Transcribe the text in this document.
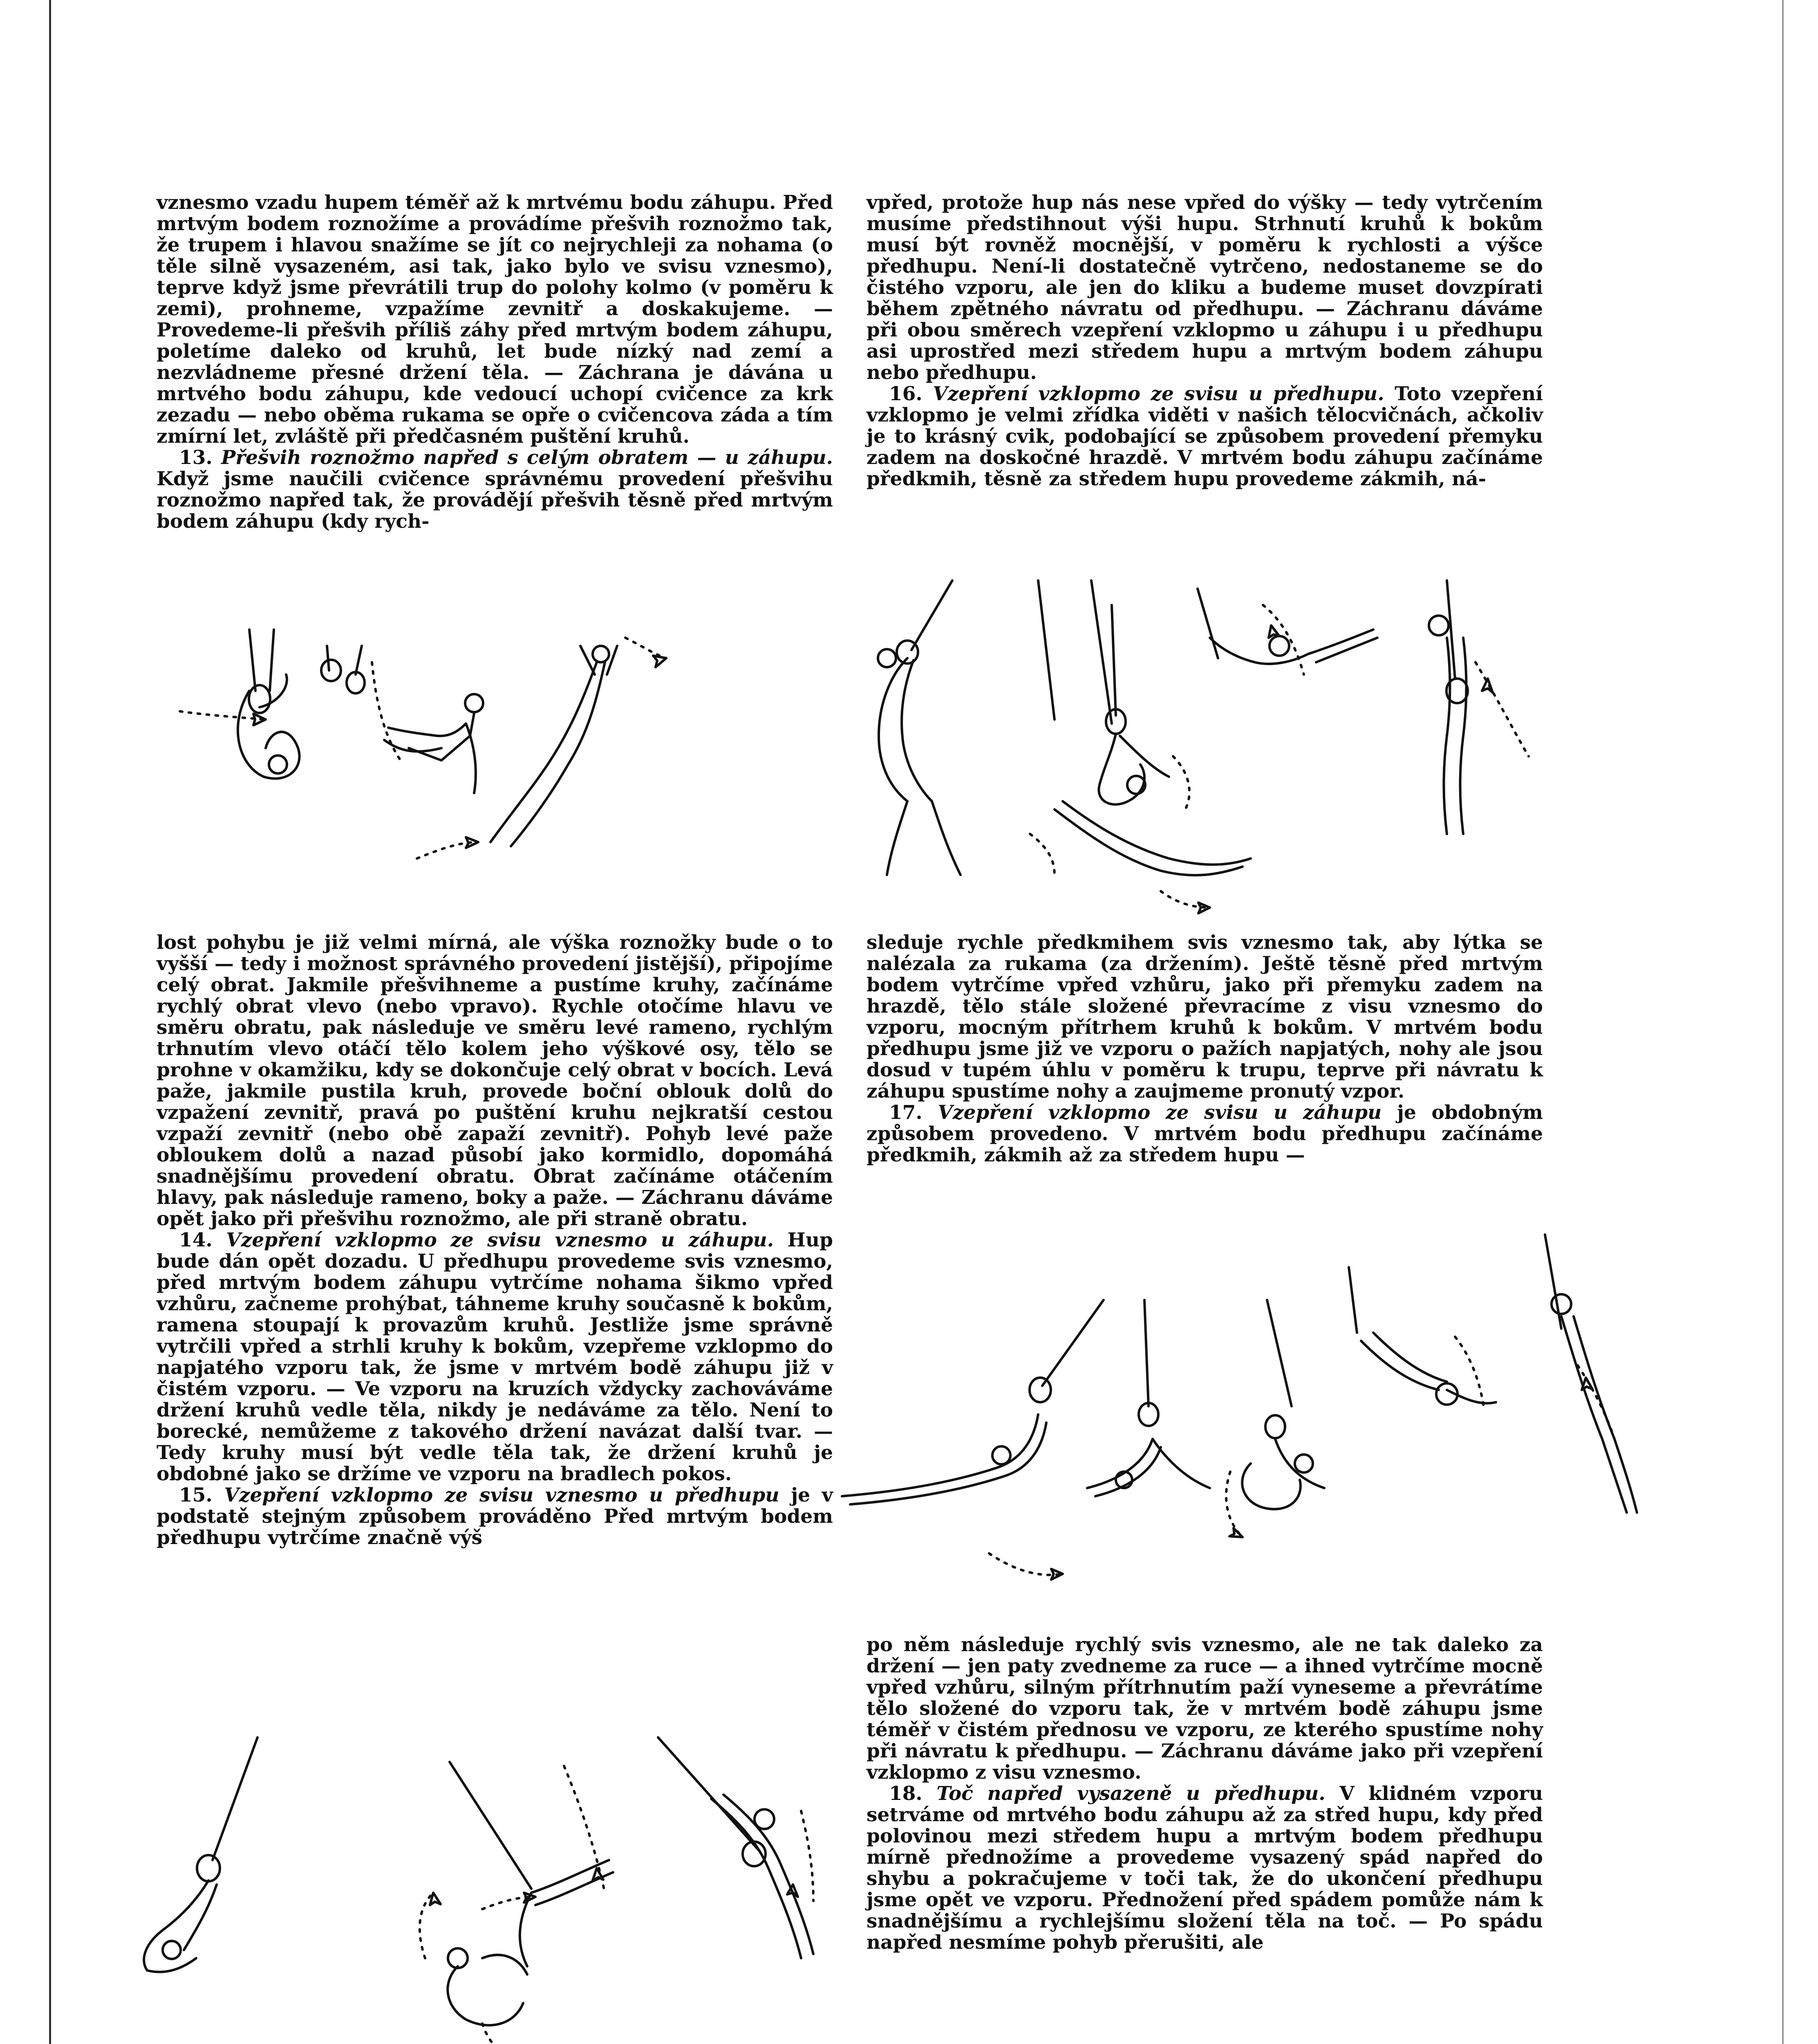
vznesmo vzadu hupem téměř až k mrtvému bodu záhupu. Před mrtvým bodem roznožíme a provádíme přešvih roznožmo tak, že trupem i hlavou snažíme se jít co nejrychleji za nohama (o těle silně vysazeném, asi tak, jako bylo ve svisu vznesmo), teprve když jsme převrátili trup do polohy kolmo (v poměru k zemi), prohneme, vzpažíme zevnitř a doskakujeme. — Provedeme-li přešvih příliš záhy před mrtvým bodem záhupu, poletíme daleko od kruhů, let bude nízký nad zemí a nezvládneme přesné držení těla. — Záchrana je dávána u mrtvého bodu záhupu, kde vedoucí uchopí cvičence za krk zezadu — nebo oběma rukama se opře o cvičencova záda a tím zmírní let, zvláště při předčasném puštění kruhů.

13. Přešvih roznožmo napřed s celým obratem — u záhupu. Když jsme naučili cvičence správnému provedení přešvihu roznožmo napřed tak, že provádějí přešvih těsně před mrtvým bodem záhupu (kdy rych-

vpřed, protože hup nás nese vpřed do výšky — tedy vytrčením musíme předstihnout výši hupu. Strhnutí kruhů k bokům musí být rovněž mocnější, v poměru k rychlosti a výšce předhupu. Není-li dostatečně vytrčeno, nedostaneme se do čistého vzporu, ale jen do kliku a budeme muset dovzpírati během zpětného návratu od předhupu. — Záchranu dáváme při obou směrech vzepření vzklopmo u záhupu i u předhupu asi uprostřed mezi středem hupu a mrtvým bodem záhupu nebo předhupu.

16. Vzepření vzklopmo ze svisu u předhupu. Toto vzepření vzklopmo je velmi zřídka viděti v našich tělocvičnách, ačkoliv je to krásný cvik, podobající se způsobem provedení přemyku zadem na doskočné hrazdě. V mrtvém bodu záhupu začínáme předkmih, těsně za středem hupu provedeme zákmih, ná-

lost pohybu je již velmi mírná, ale výška roznožky bude o to vyšší — tedy i možnost správného provedení jistější), připojíme celý obrat. Jakmile přešvihneme a pustíme kruhy, začínáme rychlý obrat vlevo (nebo vpravo). Rychle otočíme hlavu ve směru obratu, pak následuje ve směru levé rameno, rychlým trhnutím vlevo otáčí tělo kolem jeho výškové osy, tělo se prohne v okamžiku, kdy se dokončuje celý obrat v bocích. Levá paže, jakmile pustila kruh, provede boční oblouk dolů do vzpažení zevnitř, pravá po puštění kruhu nejkratší cestou vzpaží zevnitř (nebo obě zapaží zevnitř). Pohyb levé paže obloukem dolů a nazad působí jako kormidlo, dopomáhá snadnějšímu provedení obratu. Obrat začínáme otáčením hlavy, pak následuje rameno, boky a paže. — Záchranu dáváme opět jako při přešvihu roznožmo, ale při straně obratu.

14. Vzepření vzklopmo ze svisu vznesmo u záhupu. Hup bude dán opět dozadu. U předhupu provedeme svis vznesmo, před mrtvým bodem záhupu vytrčíme nohama šikmo vpřed vzhůru, začneme prohýbat, táhneme kruhy současně k bokům, ramena stoupají k provazům kruhů. Jestliže jsme správně vytrčili vpřed a strhli kruhy k bokům, vzepřeme vzklopmo do napjatého vzporu tak, že jsme v mrtvém bodě záhupu již v čistém vzporu. — Ve vzporu na kruzích vždycky zachováváme držení kruhů vedle těla, nikdy je nedáváme za tělo. Není to borecké, nemůžeme z takového držení navázat další tvar. — Tedy kruhy musí být vedle těla tak, že držení kruhů je obdobné jako se držíme ve vzporu na bradlech pokos.

15. Vzepření vzklopmo ze svisu vznesmo u předhupu je v podstatě stejným způsobem prováděno Před mrtvým bodem předhupu vytrčíme značně výš

sleduje rychle předkmihem svis vznesmo tak, aby lýtka se nalézala za rukama (za držením). Ještě těsně před mrtvým bodem vytrčíme vpřed vzhůru, jako při přemyku zadem na hrazdě, tělo stále složené převracíme z visu vznesmo do vzporu, mocným přítrhem kruhů k bokům. V mrtvém bodu předhupu jsme již ve vzporu o pažích napjatých, nohy ale jsou dosud v tupém úhlu v poměru k trupu, teprve při návratu k záhupu spustíme nohy a zaujmeme pronutý vzpor.

17. Vzepření vzklopmo ze svisu u záhupu je obdobným způsobem provedeno. V mrtvém bodu předhupu začínáme předkmih, zákmih až za středem hupu —

po něm následuje rychlý svis vznesmo, ale ne tak daleko za držení — jen paty zvedneme za ruce — a ihned vytrčíme mocně vpřed vzhůru, silným přítrhnutím paží vyneseme a převrátíme tělo složené do vzporu tak, že v mrtvém bodě záhupu jsme téměř v čistém přednosu ve vzporu, ze kterého spustíme nohy při návratu k předhupu. — Záchranu dáváme jako při vzepření vzklopmo z visu vznesmo.

18. Toč napřed vysazeně u předhupu. V klidném vzporu setrváme od mrtvého bodu záhupu až za střed hupu, kdy před polovinou mezi středem hupu a mrtvým bodem předhupu mírně přednožíme a provedeme vysazený spád napřed do shybu a pokračujeme v toči tak, že do ukončení předhupu jsme opět ve vzporu. Přednožení před spádem pomůže nám k snadnějšímu a rychlejšímu složení těla na toč. — Po spádu napřed nesmíme pohyb přerušiti, ale
